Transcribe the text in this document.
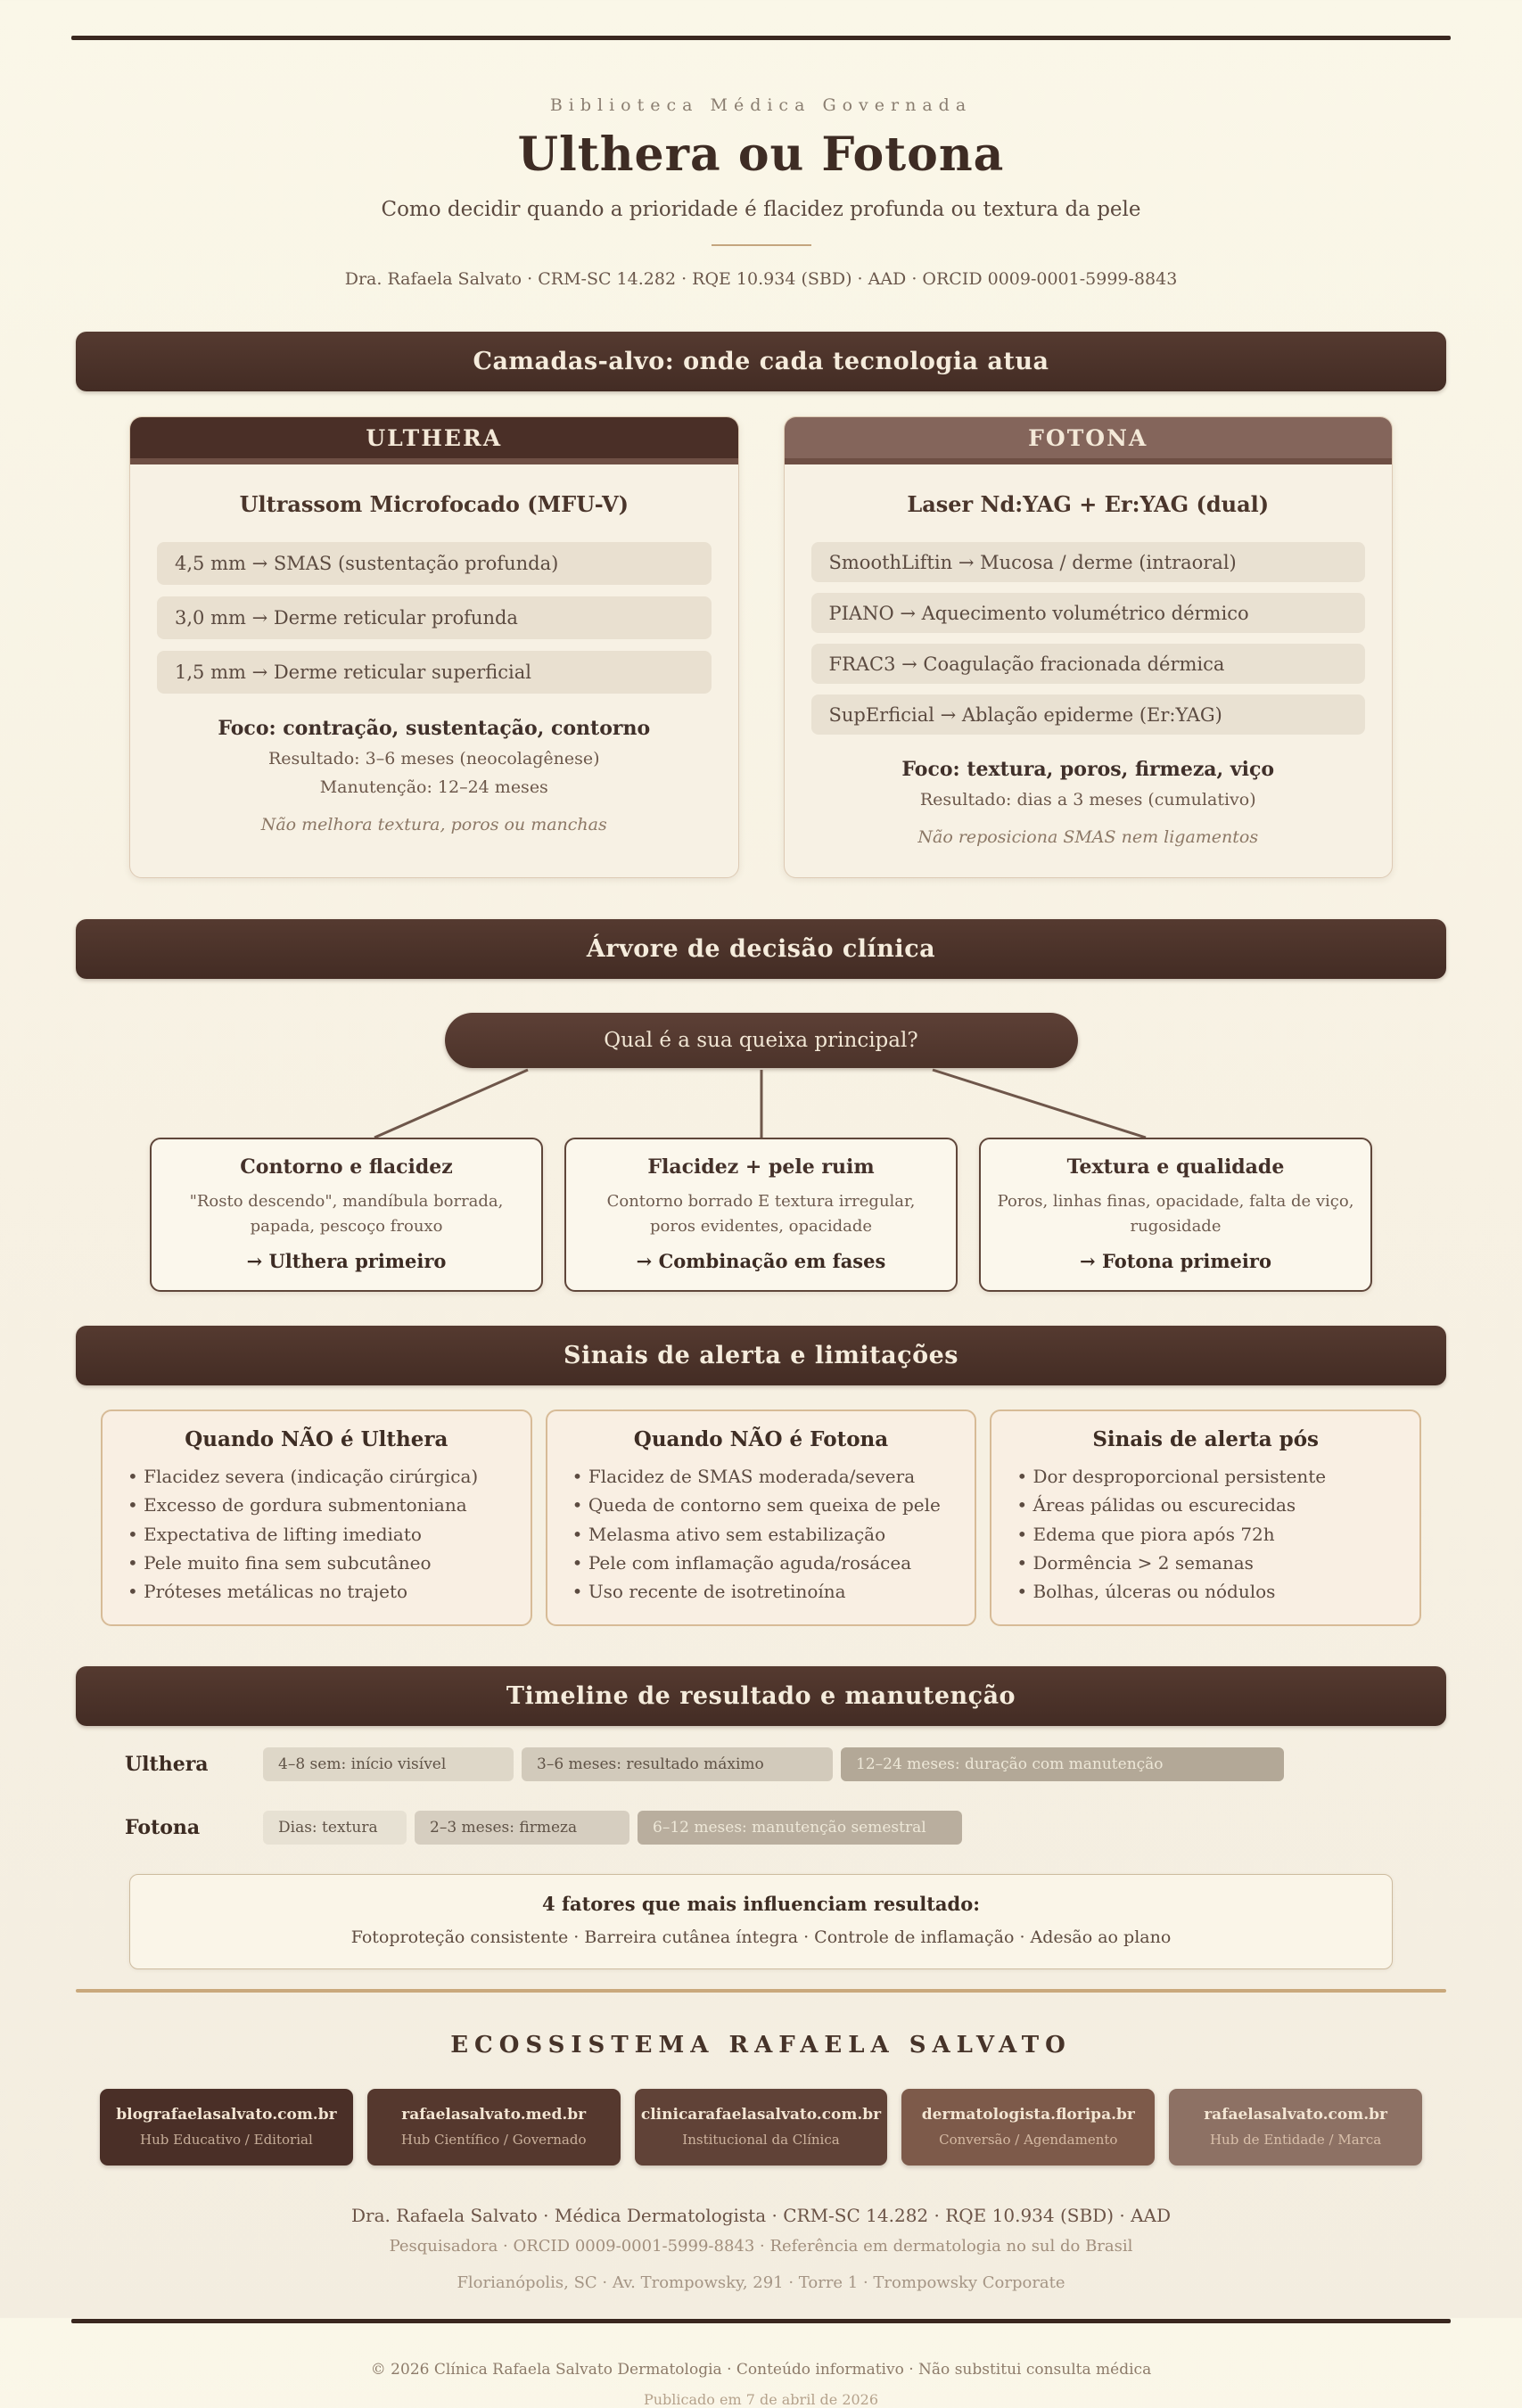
Biblioteca Médica Governada
Ulthera ou Fotona
Como decidir quando a prioridade é flacidez profunda ou textura da pele
Dra. Rafaela Salvato · CRM-SC 14.282 · RQE 10.934 (SBD) · AAD · ORCID 0009-0001-5999-8843
Camadas-alvo: onde cada tecnologia atua
ULTHERA
Ultrassom Microfocado (MFU-V)
4,5 mm → SMAS (sustentação profunda)
3,0 mm → Derme reticular profunda
1,5 mm → Derme reticular superficial
Foco: contração, sustentação, contorno
Resultado: 3–6 meses (neocolagênese)
Manutenção: 12–24 meses
Não melhora textura, poros ou manchas
FOTONA
Laser Nd:YAG + Er:YAG (dual)
SmoothLiftin → Mucosa / derme (intraoral)
PIANO → Aquecimento volumétrico dérmico
FRAC3 → Coagulação fracionada dérmica
SupErficial → Ablação epiderme (Er:YAG)
Foco: textura, poros, firmeza, viço
Resultado: dias a 3 meses (cumulativo)
Não reposiciona SMAS nem ligamentos
Árvore de decisão clínica
Qual é a sua queixa principal?
Contorno e flacidez
"Rosto descendo", mandíbula borrada, papada, pescoço frouxo
→ Ulthera primeiro
Flacidez + pele ruim
Contorno borrado E textura irregular, poros evidentes, opacidade
→ Combinação em fases
Textura e qualidade
Poros, linhas finas, opacidade, falta de viço, rugosidade
→ Fotona primeiro
Sinais de alerta e limitações
Quando NÃO é Ulthera
• Flacidez severa (indicação cirúrgica)
• Excesso de gordura submentoniana
• Expectativa de lifting imediato
• Pele muito fina sem subcutâneo
• Próteses metálicas no trajeto
Quando NÃO é Fotona
• Flacidez de SMAS moderada/severa
• Queda de contorno sem queixa de pele
• Melasma ativo sem estabilização
• Pele com inflamação aguda/rosácea
• Uso recente de isotretinoína
Sinais de alerta pós
• Dor desproporcional persistente
• Áreas pálidas ou escurecidas
• Edema que piora após 72h
• Dormência > 2 semanas
• Bolhas, úlceras ou nódulos
Timeline de resultado e manutenção
Ulthera	4–8 sem: início visível	3–6 meses: resultado máximo	12–24 meses: duração com manutenção
Fotona	Dias: textura	2–3 meses: firmeza	6–12 meses: manutenção semestral
4 fatores que mais influenciam resultado:
Fotoproteção consistente · Barreira cutânea íntegra · Controle de inflamação · Adesão ao plano
ECOSSISTEMA RAFAELA SALVATO
blografaelasalvato.com.br
Hub Educativo / Editorial
rafaelasalvato.med.br
Hub Científico / Governado
clinicarafaelasalvato.com.br
Institucional da Clínica
dermatologista.floripa.br
Conversão / Agendamento
rafaelasalvato.com.br
Hub de Entidade / Marca
Dra. Rafaela Salvato · Médica Dermatologista · CRM-SC 14.282 · RQE 10.934 (SBD) · AAD
Pesquisadora · ORCID 0009-0001-5999-8843 · Referência em dermatologia no sul do Brasil
Florianópolis, SC · Av. Trompowsky, 291 · Torre 1 · Trompowsky Corporate
© 2026 Clínica Rafaela Salvato Dermatologia · Conteúdo informativo · Não substitui consulta médica
Publicado em 7 de abril de 2026
